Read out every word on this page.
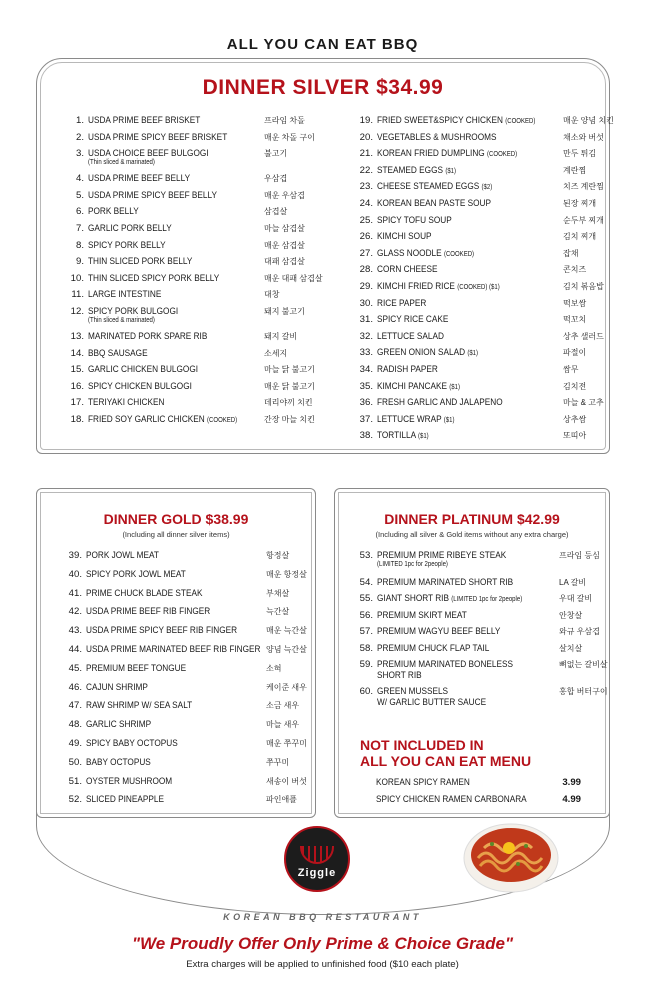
ALL YOU CAN EAT BBQ
DINNER SILVER $34.99
1. USDA PRIME BEEF BRISKET	프라임 차돌
2. USDA PRIME SPICY BEEF BRISKET	매운 차돌 구이
3. USDA CHOICE BEEF BULGOGI
(Thin sliced & marinated)
불고기
4. USDA PRIME BEEF BELLY	우삼겹
5. USDA PRIME SPICY BEEF BELLY	매운 우삼겹
6. PORK BELLY	삼겹살
7. GARLIC PORK BELLY	마늘 삼겹살
8. SPICY PORK BELLY	매운 삼겹살
9. THIN SLICED PORK BELLY	대패 삼겹살
10. THIN SLICED SPICY PORK BELLY	매운 대패 삼겹살
11. LARGE INTESTINE	대창
12. SPICY PORK BULGOGI
(Thin sliced & marinated)
돼지 불고기
13. MARINATED PORK SPARE RIB	돼지 갈비
14. BBQ SAUSAGE	소세지
15. GARLIC CHICKEN BULGOGI	마늘 닭 불고기
16. SPICY CHICKEN BULGOGI	매운 닭 불고기
17. TERIYAKI CHICKEN	데리야끼 치킨
18. FRIED SOY GARLIC CHICKEN (COOKED)	간장 마늘 치킨
19. FRIED SWEET&SPICY CHICKEN (COOKED)	매운 양념 치킨
20. VEGETABLES & MUSHROOMS	채소와 버섯
21. KOREAN FRIED DUMPLING (COOKED)	만두 튀김
22. STEAMED EGGS ($1)	계란찜
23. CHEESE STEAMED EGGS ($2)	치즈 계란찜
24. KOREAN BEAN PASTE SOUP	된장 찌개
25. SPICY TOFU SOUP	순두부 찌개
26. KIMCHI SOUP	김치 찌개
27. GLASS NOODLE (COOKED)	잡채
28. CORN CHEESE	콘치즈
29. KIMCHI FRIED RICE (COOKED) ($1)	김치 볶음밥
30. RICE PAPER	떡보쌈
31. SPICY RICE CAKE	떡꼬치
32. LETTUCE SALAD	상추 샐러드
33. GREEN ONION SALAD ($1)	파절이
34. RADISH PAPER	쌈무
35. KIMCHI PANCAKE ($1)	김치전
36. FRESH GARLIC AND JALAPENO	마늘 & 고추
37. LETTUCE WRAP ($1)	상추쌈
38. TORTILLA ($1)	또띠아
DINNER GOLD $38.99
(Including all dinner silver items)
39. PORK JOWL MEAT	항정살
40. SPICY PORK JOWL MEAT	매운 항정살
41. PRIME CHUCK BLADE STEAK	부채살
42. USDA PRIME BEEF RIB FINGER	늑간살
43. USDA PRIME SPICY BEEF RIB FINGER	매운 늑간살
44. USDA PRIME MARINATED BEEF RIB FINGER 양념 늑간살
45. PREMIUM BEEF TONGUE	소혀
46. CAJUN SHRIMP	케이준 새우
47. RAW SHRIMP W/ SEA SALT	소금 새우
48. GARLIC SHRIMP	마늘 새우
49. SPICY BABY OCTOPUS	매운 쭈꾸미
50. BABY OCTOPUS	쭈꾸미
51. OYSTER MUSHROOM	새송이 버섯
52. SLICED PINEAPPLE	파인애플
DINNER PLATINUM $42.99
(Including all silver & Gold items without any extra charge)
53. PREMIUM PRIME RIBEYE STEAK
(LIMITED 1pc for 2people)
프라임 등심
54. PREMIUM MARINATED SHORT RIB	LA 갈비
55. GIANT SHORT RIB (LIMITED 1pc for 2people)	우대 갈비
56. PREMIUM SKIRT MEAT	안창살
57. PREMIUM WAGYU BEEF BELLY	와규 우삼겹
58. PREMIUM CHUCK FLAP TAIL	살치살
59. PREMIUM MARINATED BONELESS
SHORT RIB
뼈없는 갈비살
60. GREEN MUSSELS
W/ GARLIC BUTTER SAUCE
홍합 버터구이
NOT INCLUDED IN
ALL YOU CAN EAT MENU
KOREAN SPICY RAMEN	3.99
SPICY CHICKEN RAMEN CARBONARA	4.99
Ziggle
KOREAN BBQ RESTAURANT
"We Proudly Offer Only Prime & Choice Grade"
Extra charges will be applied to unfinished food ($10 each plate)
